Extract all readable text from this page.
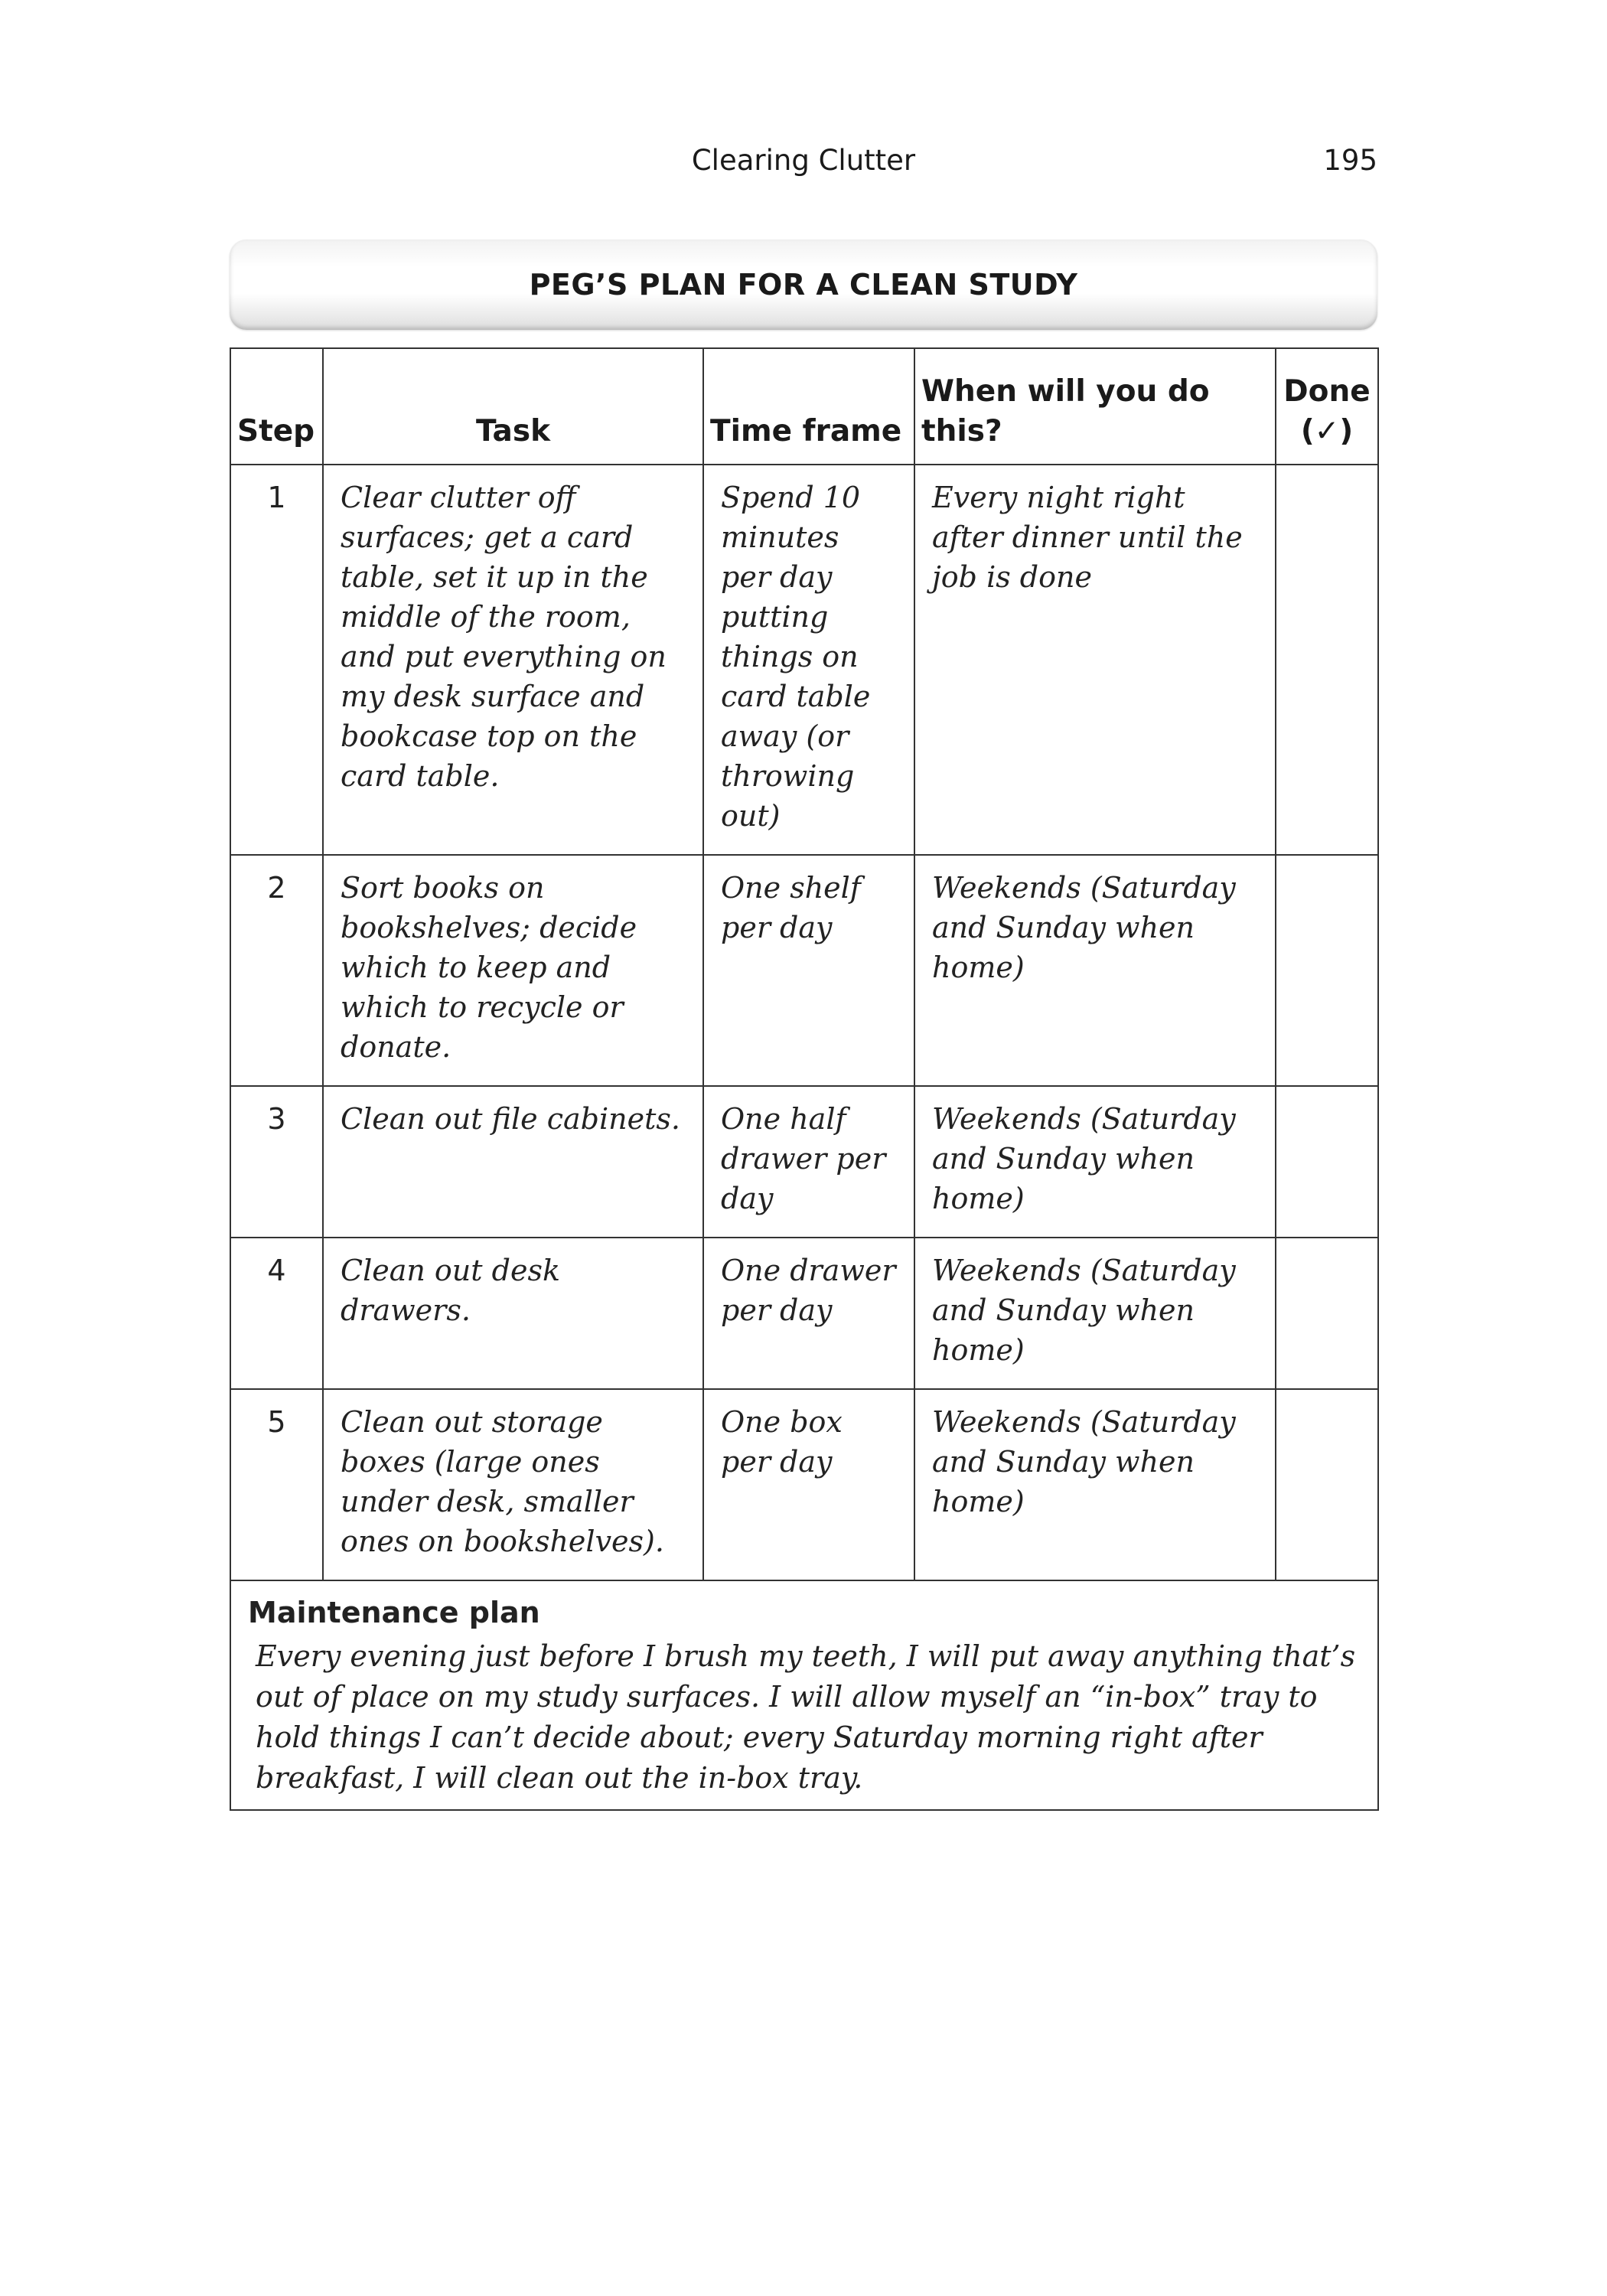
Clearing Clutter	195
PEG’S PLAN FOR A CLEAN STUDY
Step	Task	Time frame	When will you do this?	Done
(✓)

1	Clear clutter off surfaces; get a card table, set it up in the middle of the room, and put everything on my desk surface and bookcase top on the card table.	Spend 10 minutes per day putting things on card table away (or throwing out)	Every night right after dinner until the job is done	
2	Sort books on bookshelves; decide which to keep and which to recycle or donate.	One shelf per day	Weekends (Saturday and Sunday when home)	
3	Clean out file cabinets.	One half drawer per day	Weekends (Saturday and Sunday when home)	
4	Clean out desk drawers.	One drawer per day	Weekends (Saturday and Sunday when home)	
5	Clean out storage boxes (large ones under desk, smaller ones on bookshelves).	One box per day	Weekends (Saturday and Sunday when home)	

Maintenance plan
Every evening just before I brush my teeth, I will put away anything that’s out of place on my study surfaces. I will allow myself an “in-box” tray to hold things I can’t decide about; every Saturday morning right after breakfast, I will clean out the in-box tray.				
